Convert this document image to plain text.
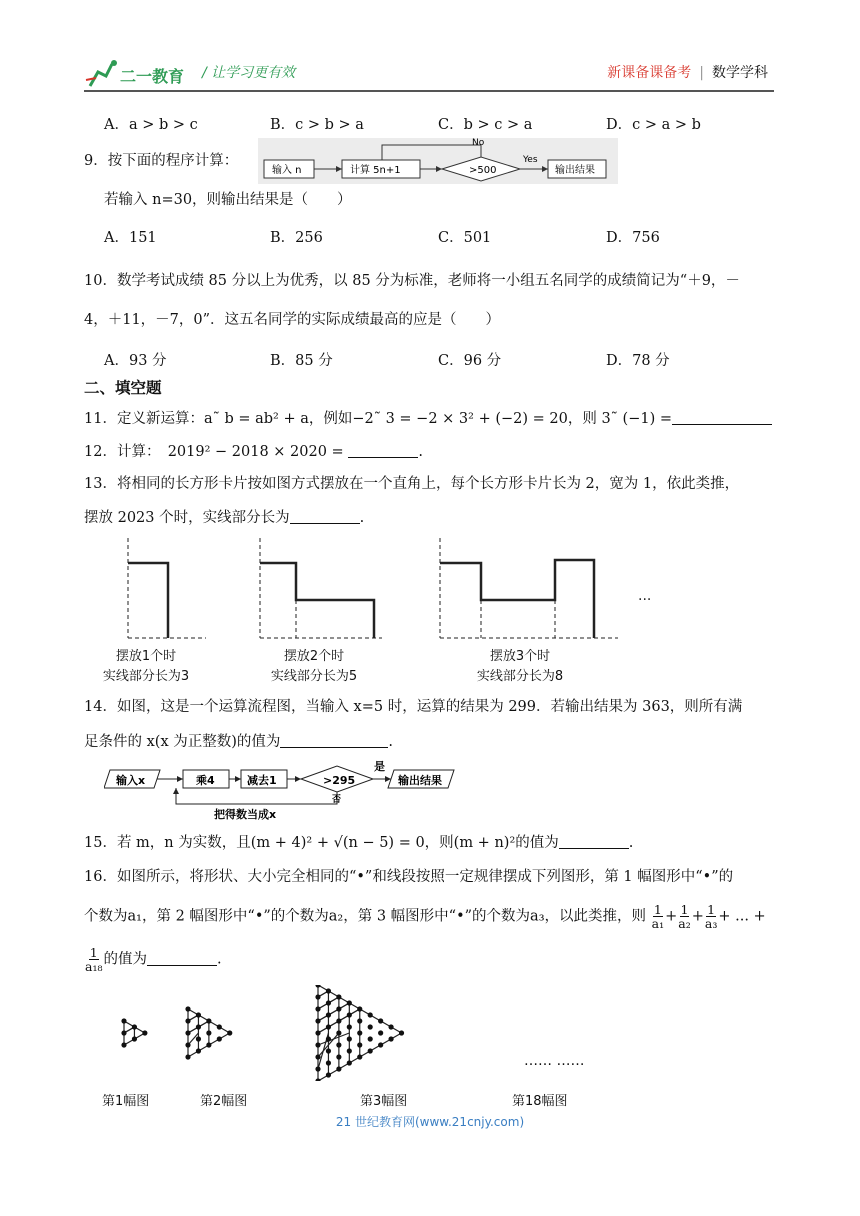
二一教育 / 让学习更有效	新课备课备考 | 数学学科
A．a > b > c	B．c > b > a	C．b > c > a	D．c > a > b
9．按下面的程序计算：
输入 n	计算 5n+1	>500
No
Yes
输出结果
若输入 n=30，则输出结果是（　　）
A．151	B．256	C．501	D．756
10．数学考试成绩 85 分以上为优秀，以 85 分为标准，老师将一小组五名同学的成绩简记为“＋9，－
4，＋11，－7，0”．这五名同学的实际成绩最高的应是（　　）
A．93 分	B．85 分	C．96 分	D．78 分
二、填空题
11．定义新运算：a˜ b = ab² + a，例如−2˜ 3 = −2 × 3² + (−2) = 20，则 3˜ (−1) =
12．计算：　2019² − 2018 × 2020 =	.
13．将相同的长方形卡片按如图方式摆放在一个直角上，每个长方形卡片长为 2，宽为 1，依此类推，
摆放 2023 个时，实线部分长为	.
···
摆放1个时
实线部分长为3
摆放2个时
实线部分长为5
摆放3个时
实线部分长为8
14．如图，这是一个运算流程图，当输入 x=5 时，运算的结果为 299．若输出结果为 363，则所有满
足条件的 x(x 为正整数)的值为	.
输入x	乘4	减去1	>295
是
输出结果
否
把得数当成x
15．若 m，n 为实数，且(m + 4)² + √(n − 5) = 0，则(m + n)²的值为	.
16．如图所示，将形状、大小完全相同的“•”和线段按照一定规律摆成下列图形，第 1 幅图形中“•”的
个数为a₁，第 2 幅图形中“•”的个数为a₂，第 3 幅图形中“•”的个数为a₃，以此类推，则 $\frac{1}{\text{a₁}} + \frac{1}{\text{a₂}} + \frac{1}{\text{a₃}}$ + ... +
$\frac{1}{\text{a₁₈}}$ 的值为	.
…… ……
第1幅图	第2幅图	第3幅图	第18幅图
21 世纪教育网(www.21cnjy.com)
